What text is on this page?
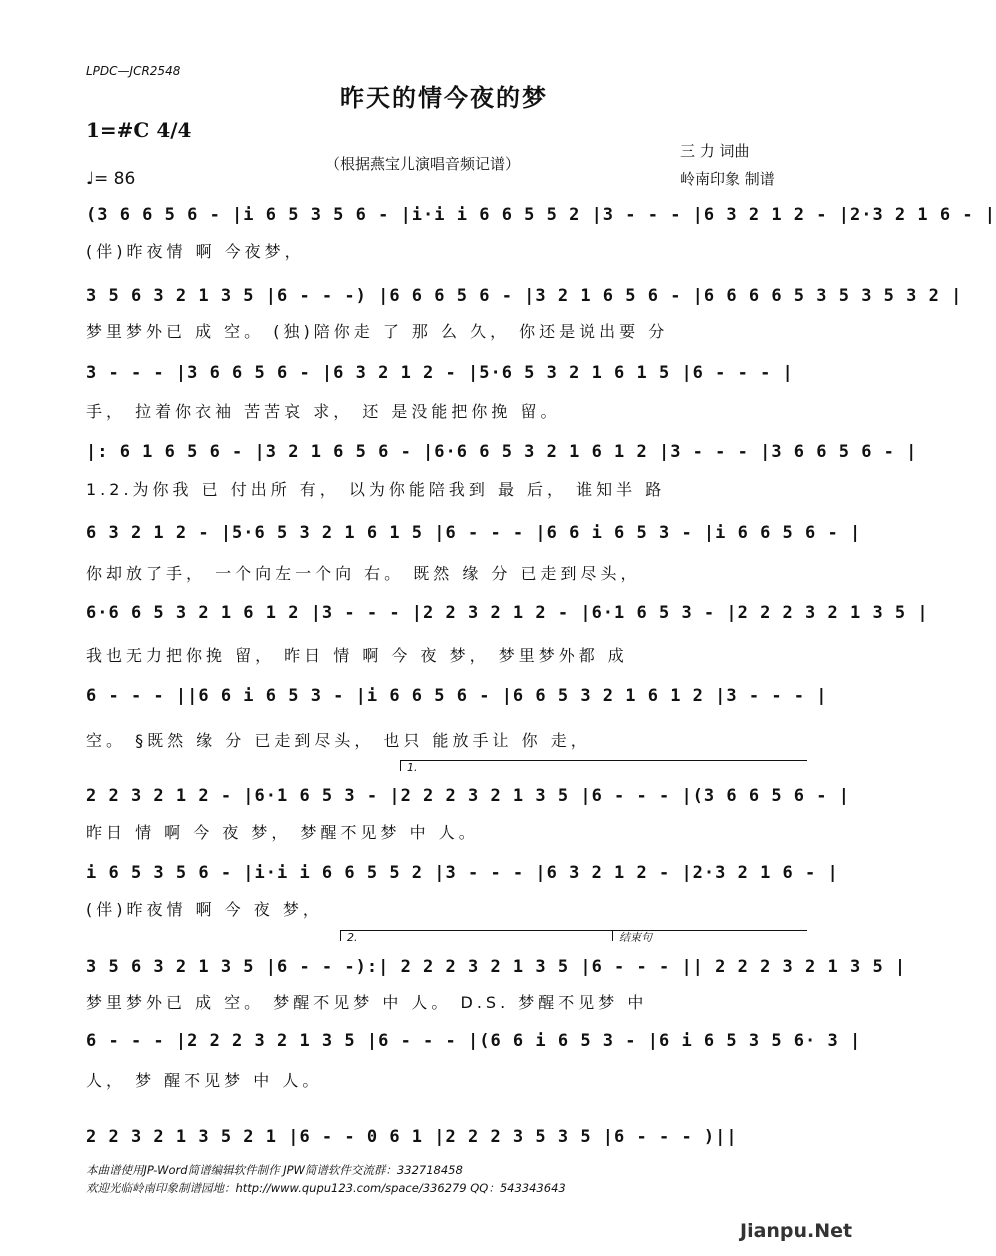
LPDC—JCR2548
昨天的情今夜的梦
1=#C 4/4
（根据燕宝儿演唱音频记谱）
三 力 词曲
岭南印象 制谱
♩= 86
(3 6 6 5 6 - |i 6 5 3 5 6 - |i·i i 6 6 5 5 2 |3 - - - |6 3 2 1 2 - |2·3 2 1 6 - |
(伴)昨夜情 啊 今夜梦，
3 5 6 3 2 1 3 5 |6 - - -) |6 6 6 5 6 - |3 2 1 6 5 6 - |6 6 6 6 5 3 5 3 5 3 2 |
梦里梦外已 成 空。 (独)陪你走 了 那 么 久， 你还是说出要 分
3 - - - |3 6 6 5 6 - |6 3 2 1 2 - |5·6 5 3 2 1 6 1 5 |6 - - - |
手， 拉着你衣袖 苦苦哀 求， 还 是没能把你挽 留。
|: 6 1 6 5 6 - |3 2 1 6 5 6 - |6·6 6 5 3 2 1 6 1 2 |3 - - - |3 6 6 5 6 - |
1.2.为你我 已 付出所 有， 以为你能陪我到 最 后， 谁知半 路
6 3 2 1 2 - |5·6 5 3 2 1 6 1 5 |6 - - - |6 6 i 6 5 3 - |i 6 6 5 6 - |
你却放了手， 一个向左一个向 右。 既然 缘 分 已走到尽头，
6·6 6 5 3 2 1 6 1 2 |3 - - - |2 2 3 2 1 2 - |6·1 6 5 3 - |2 2 2 3 2 1 3 5 |
我也无力把你挽 留， 昨日 情 啊 今 夜 梦， 梦里梦外都 成
6 - - - ||6 6 i 6 5 3 - |i 6 6 5 6 - |6 6 5 3 2 1 6 1 2 |3 - - - |
空。 §既然 缘 分 已走到尽头， 也只 能放手让 你 走，
1.
2 2 3 2 1 2 - |6·1 6 5 3 - |2 2 2 3 2 1 3 5 |6 - - - |(3 6 6 5 6 - |
昨日 情 啊 今 夜 梦， 梦醒不见梦 中 人。
i 6 5 3 5 6 - |i·i i 6 6 5 5 2 |3 - - - |6 3 2 1 2 - |2·3 2 1 6 - |
(伴)昨夜情 啊 今 夜 梦，
2.	结束句
3 5 6 3 2 1 3 5 |6 - - -):| 2 2 2 3 2 1 3 5 |6 - - - || 2 2 2 3 2 1 3 5 |
梦里梦外已 成 空。 梦醒不见梦 中 人。 D.S. 梦醒不见梦 中
6 - - - |2 2 2 3 2 1 3 5 |6 - - - |(6 6 i 6 5 3 - |6 i 6 5 3 5 6· 3 |
人， 梦 醒不见梦 中 人。
2 2 3 2 1 3 5 2 1 |6 - - 0 6 1 |2 2 2 3 5 3 5 |6 - - - )||
本曲谱使用JP-Word简谱编辑软件制作 JPW简谱软件交流群：332718458
欢迎光临岭南印象制谱园地：http://www.qupu123.com/space/336279 QQ：543343643
Jianpu.Net
